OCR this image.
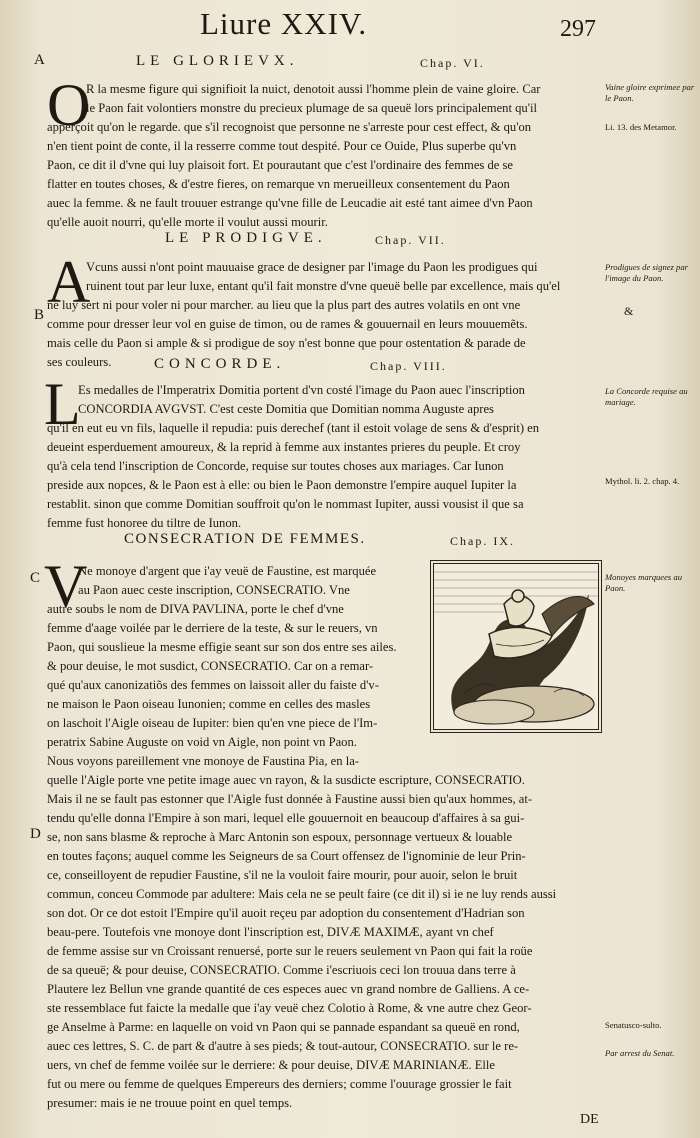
Liure XXIV.	297
A
B
C
D
LE GLORIEVX.	Chap. VI.
O
R la mesme figure qui signifioit la nuict, denotoit aussi l'homme plein de vaine gloire. Car
le Paon fait volontiers monstre du precieux plumage de sa queuë lors principalement qu'il
apperçoit qu'on le regarde. que s'il recognoist que personne ne s'arreste pour cest effect, & qu'on
n'en tient point de conte, il la resserre comme tout despité. Pour ce Ouide, Plus superbe qu'vn
Paon, ce dit il d'vne qui luy plaisoit fort. Et pourautant que c'est l'ordinaire des femmes de se
flatter en toutes choses, & d'estre fieres, on remarque vn merueilleux consentement du Paon
auec la femme. & ne fault trouuer estrange qu'vne fille de Leucadie ait esté tant aimee d'vn Paon
qu'elle auoit nourri, qu'elle morte il voulut aussi mourir.
LE PRODIGVE.	Chap. VII.
A
Vcuns aussi n'ont point mauuaise grace de designer par l'image du Paon les prodigues qui
ruinent tout par leur luxe, entant qu'il fait monstre d'vne queuë belle par excellence, mais qu'el
ne luy sert ni pour voler ni pour marcher. au lieu que la plus part des autres volatils en ont vne
comme pour dresser leur vol en guise de timon, ou de rames & gouuernail en leurs mouuemẽts.
mais celle du Paon si ample & si prodigue de soy n'est bonne que pour ostentation & parade de
ses couleurs.	CONCORDE.	Chap. VIII.
L
Es medalles de l'Imperatrix Domitia portent d'vn costé l'image du Paon auec l'inscription
CONCORDIA AVGVST. C'est ceste Domitia que Domitian nomma Auguste apres
qu'il en eut eu vn fils, laquelle il repudia: puis derechef (tant il estoit volage de sens & d'esprit) en
deueint esperduement amoureux, & la reprid à femme aux instantes prieres du peuple. Et croy
qu'à cela tend l'inscription de Concorde, requise sur toutes choses aux mariages. Car Iunon
preside aux nopces, & le Paon est à elle: ou bien le Paon demonstre l'empire auquel Iupiter la
restablit. sinon que comme Domitian souffroit qu'on le nommast Iupiter, aussi vousist il que sa
femme fust honoree du tiltre de Iunon.
CONSECRATION DE FEMMES.	Chap. IX.
V
Ne monoye d'argent que i'ay veuë de Faustine, est marquée
au Paon auec ceste inscription, CONSECRATIO. Vne
autre soubs le nom de DIVA PAVLINA, porte le chef d'vne
femme d'aage voilée par le derriere de la teste, & sur le reuers, vn
Paon, qui souslieue la mesme effigie seant sur son dos entre ses ailes.
& pour deuise, le mot susdict, CONSECRATIO. Car on a remar-
qué qu'aux canonizatiõs des femmes on laissoit aller du faiste d'v-
ne maison le Paon oiseau Iunonien; comme en celles des masles
on laschoit l'Aigle oiseau de Iupiter: bien qu'en vne piece de l'Im-
peratrix Sabine Auguste on void vn Aigle, non point vn Paon.
Nous voyons pareillement vne monoye de Faustina Pia, en la-
quelle l'Aigle porte vne petite image auec vn rayon, & la susdicte escripture, CONSECRATIO.
Mais il ne se fault pas estonner que l'Aigle fust donnée à Faustine aussi bien qu'aux hommes, at-
tendu qu'elle donna l'Empire à son mari, lequel elle gouuernoit en beaucoup d'affaires à sa gui-
se, non sans blasme & reproche à Marc Antonin son espoux, personnage vertueux & louable
en toutes façons; auquel comme les Seigneurs de sa Court offensez de l'ignominie de leur Prin-
ce, conseilloyent de repudier Faustine, s'il ne la vouloit faire mourir, pour auoir, selon le bruit
commun, conceu Commode par adultere: Mais cela ne se peult faire (ce dit il) si ie ne luy rends aussi
son dot. Or ce dot estoit l'Empire qu'il auoit reçeu par adoption du consentement d'Hadrian son
beau-pere. Toutefois vne monoye dont l'inscription est, DIVÆ MAXIMÆ, ayant vn chef
de femme assise sur vn Croissant renuersé, porte sur le reuers seulement vn Paon qui fait la roüe
de sa queuë; & pour deuise, CONSECRATIO. Comme i'escriuois ceci lon trouua dans terre à
Plautere lez Bellun vne grande quantité de ces especes auec vn grand nombre de Galliens. A ce-
ste ressemblace fut faicte la medalle que i'ay veuë chez Colotio à Rome, & vne autre chez Geor-
ge Anselme à Parme: en laquelle on void vn Paon qui se pannade espandant sa queuë en rond,
auec ces lettres, S. C. de part & d'autre à ses pieds; & tout-autour, CONSECRATIO. sur le re-
uers, vn chef de femme voilée sur le derriere: & pour deuise, DIVÆ MARINIANÆ. Elle
fut ou mere ou femme de quelques Empereurs des derniers; comme l'ouurage grossier le fait
presumer: mais ie ne trouue point en quel temps.
Vaine gloire exprimee par le Paon.
Li. 13. des Metamor.
Prodigues de signez par l'image du Paon.
&
La Concorde requise au mariage.
Mythol. li. 2. chap. 4.
Monoyes marquees au Paon.
Senatusco-sulto.
Par arrest du Senat.
DE
